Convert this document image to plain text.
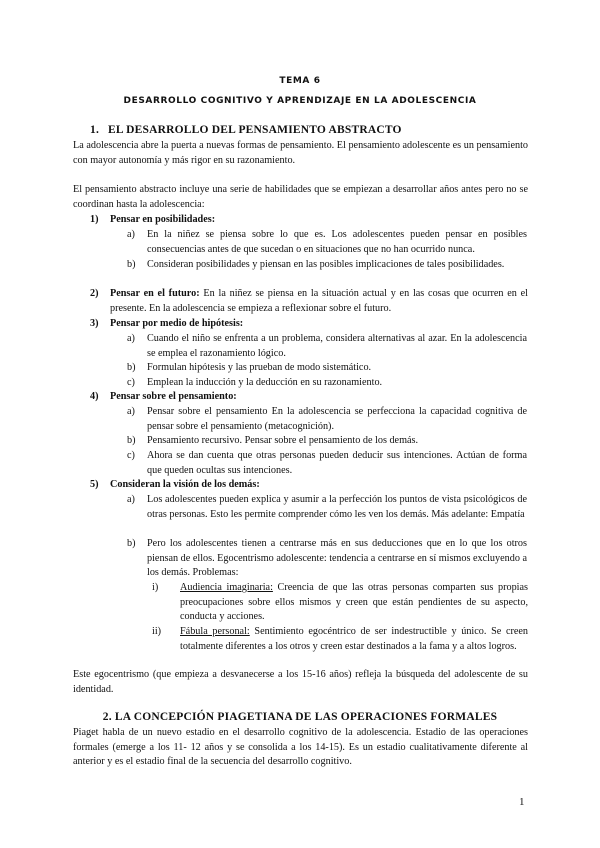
TEMA 6
DESARROLLO COGNITIVO Y APRENDIZAJE EN LA ADOLESCENCIA
1. EL DESARROLLO DEL PENSAMIENTO ABSTRACTO

La adolescencia abre la puerta a nuevas formas de pensamiento. El pensamiento adolescente es un pensamiento con mayor autonomía y más rigor en su razonamiento.

El pensamiento abstracto incluye una serie de habilidades que se empiezan a desarrollar años antes pero no se coordinan hasta la adolescencia:

1) Pensar en posibilidades:
a) En la niñez se piensa sobre lo que es. Los adolescentes pueden pensar en posibles consecuencias antes de que sucedan o en situaciones que no han ocurrido nunca.
b) Consideran posibilidades y piensan en las posibles implicaciones de tales posibilidades.
2) Pensar en el futuro: En la niñez se piensa en la situación actual y en las cosas que ocurren en el presente. En la adolescencia se empieza a reflexionar sobre el futuro.
3) Pensar por medio de hipótesis:
a) Cuando el niño se enfrenta a un problema, considera alternativas al azar. En la adolescencia se emplea el razonamiento lógico.
b) Formulan hipótesis y las prueban de modo sistemático.
c) Emplean la inducción y la deducción en su razonamiento.
4) Pensar sobre el pensamiento:
a) Pensar sobre el pensamiento En la adolescencia se perfecciona la capacidad cognitiva de pensar sobre el pensamiento (metacognición).
b) Pensamiento recursivo. Pensar sobre el pensamiento de los demás.
c) Ahora se dan cuenta que otras personas pueden deducir sus intenciones. Actúan de forma que queden ocultas sus intenciones.
5) Consideran la visión de los demás:
a) Los adolescentes pueden explica y asumir a la perfección los puntos de vista psicológicos de otras personas. Esto les permite comprender cómo les ven los demás. Más adelante: Empatía
b) Pero los adolescentes tienen a centrarse más en sus deducciones que en lo que los otros piensan de ellos. Egocentrismo adolescente: tendencia a centrarse en sí mismos excluyendo a los demás. Problemas:
i) Audiencia imaginaria: Creencia de que las otras personas comparten sus propias preocupaciones sobre ellos mismos y creen que están pendientes de su aspecto, conducta y acciones.
ii) Fábula personal: Sentimiento egocéntrico de ser indestructible y único. Se creen totalmente diferentes a los otros y creen estar destinados a la fama y a altos logros.

Este egocentrismo (que empieza a desvanecerse a los 15-16 años) refleja la búsqueda del adolescente de su identidad.

2. LA CONCEPCIÓN PIAGETIANA DE LAS OPERACIONES FORMALES

Piaget habla de un nuevo estadio en el desarrollo cognitivo de la adolescencia. Estadio de las operaciones formales (emerge a los 11- 12 años y se consolida a los 14-15). Es un estadio cualitativamente diferente al anterior y es el estadio final de la secuencia del desarrollo cognitivo.

1
